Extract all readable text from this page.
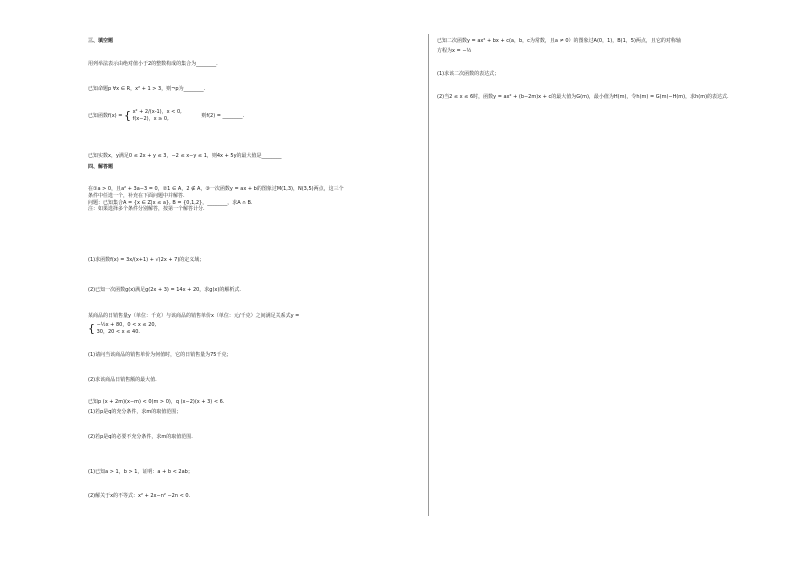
三、填空题
用列举法表示由绝对值小于2的整数构成的集合为________.
已知命题p ∀x ∈ R，x² + 1 > 3，则¬p为________.
已知函数f(x) = { x² + 2/(x-1)，x < 0,
f(x−2)，x ≥ 0,	则f(2) = ________.
已知实数x，y满足0 ≤ 2x + y ≤ 3，−2 ≤ x−y ≤ 1，则4x + 5y的最大值是________
四、解答题
在①a > 0，且a² + 3a−3 = 0，②1 ∈ A，2 ∉ A，③一次函数y = ax + b的图象过M(1,3)，N(3,5)两点，这三个
条件中任选一个，补充在下面问题中并解答.
问题：已知集合A = {x ∈ Z|x ≤ a}, B = {0,1,2}，________，求A ∩ B.
注：如果选择多个条件分别解答，按第一个解答计分.
(1)求函数f(x) = 3x/(x+1) + √(2x + 7)的定义域；
(2)已知一次函数g(x)满足g(2x + 3) = 14x + 20，求g(x)的解析式.
某商品的日销售量y（单位：千克）与该商品的销售单价x（单位：元/千克）之间满足关系式y =
{ −½x + 80，0 < x ≤ 20,
30，20 < x ≤ 40.
(1)请问当该商品的销售单价为何值时，它的日销售量为75千克；
(2)求该商品日销售额的最大值.
已知p (x + 2m)(x−m) < 0(m > 0)，q (x−2)(x + 3) < 6.
(1)若p是q的充分条件，求m的取值范围；
(2)若p是q的必要不充分条件，求m的取值范围.
(1)已知a > 1，b > 1，证明：a + b < 2ab；
(2)解关于x的不等式：x² + 2x−n² −2n < 0.
已知二次函数y = ax² + bx + c(a，b，c为常数，且a ≠ 0）的图象过A(0，1)，B(1，5)两点，且它的对称轴
方程为x = −½
(1)求该二次函数的表达式；
(2)当2 ≤ x ≤ 6时，函数y = ax² + (b−2m)x + c的最大值为G(m)，最小值为H(m)，令h(m) = G(m)−H(m)，求h(m)的表达式.
